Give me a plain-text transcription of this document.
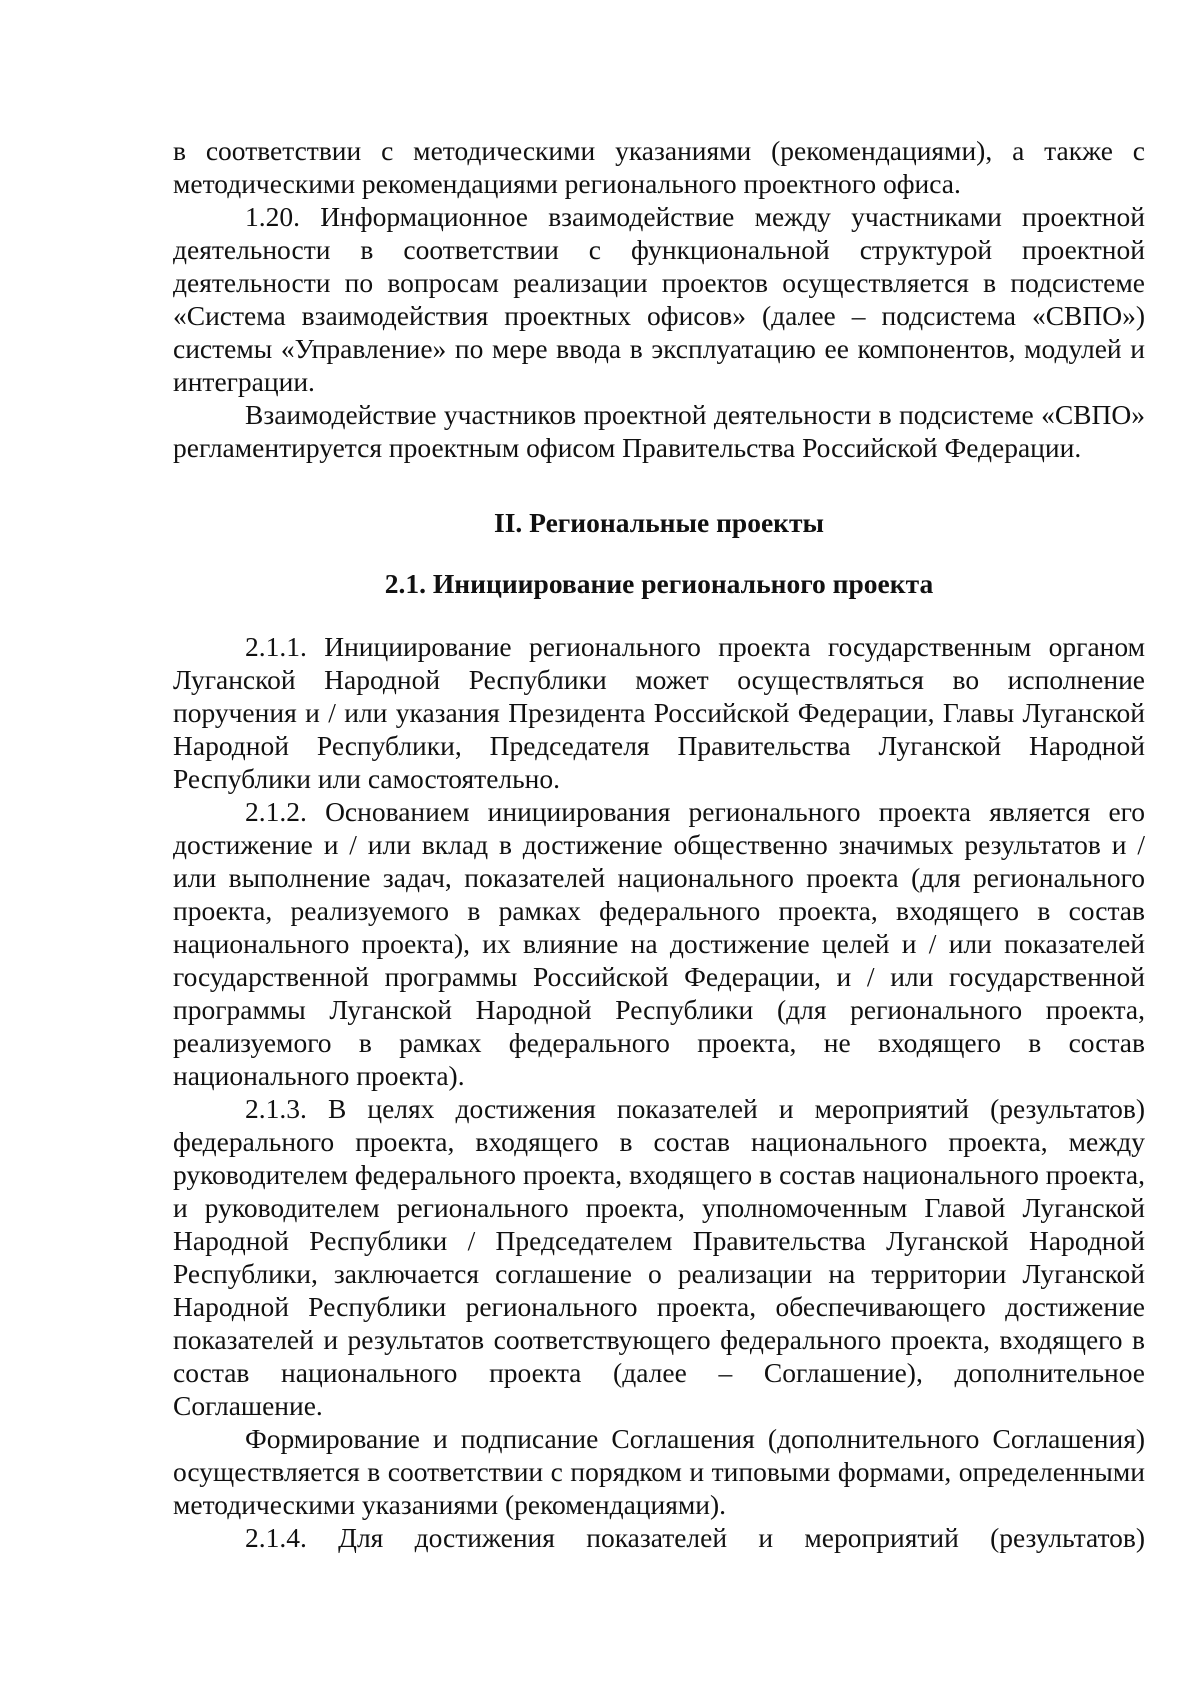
в соответствии с методическими указаниями (рекомендациями), а также с методическими рекомендациями регионального проектного офиса.

1.20. Информационное взаимодействие между участниками проектной деятельности в соответствии с функциональной структурой проектной деятельности по вопросам реализации проектов осуществляется в подсистеме «Система взаимодействия проектных офисов» (далее – подсистема «СВПО») системы «Управление» по мере ввода в эксплуатацию ее компонентов, модулей и интеграции.

Взаимодействие участников проектной деятельности в подсистеме «СВПО» регламентируется проектным офисом Правительства Российской Федерации.

II. Региональные проекты
2.1. Инициирование регионального проекта

2.1.1. Инициирование регионального проекта государственным органом Луганской Народной Республики может осуществляться во исполнение поручения и / или указания Президента Российской Федерации, Главы Луганской Народной Республики, Председателя Правительства Луганской Народной Республики или самостоятельно.

2.1.2. Основанием инициирования регионального проекта является его достижение и / или вклад в достижение общественно значимых результатов и / или выполнение задач, показателей национального проекта (для регионального проекта, реализуемого в рамках федерального проекта, входящего в состав национального проекта), их влияние на достижение целей и / или показателей государственной программы Российской Федерации, и / или государственной программы Луганской Народной Республики (для регионального проекта, реализуемого в рамках федерального проекта, не входящего в состав национального проекта).

2.1.3. В целях достижения показателей и мероприятий (результатов) федерального проекта, входящего в состав национального проекта, между руководителем федерального проекта, входящего в состав национального проекта, и руководителем регионального проекта, уполномоченным Главой Луганской Народной Республики / Председателем Правительства Луганской Народной Республики, заключается соглашение о реализации на территории Луганской Народной Республики регионального проекта, обеспечивающего достижение показателей и результатов соответствующего федерального проекта, входящего в состав национального проекта (далее – Соглашение), дополнительное Соглашение.

Формирование и подписание Соглашения (дополнительного Соглашения) осуществляется в соответствии с порядком и типовыми формами, определенными методическими указаниями (рекомендациями).

2.1.4. Для достижения показателей и мероприятий (результатов)
